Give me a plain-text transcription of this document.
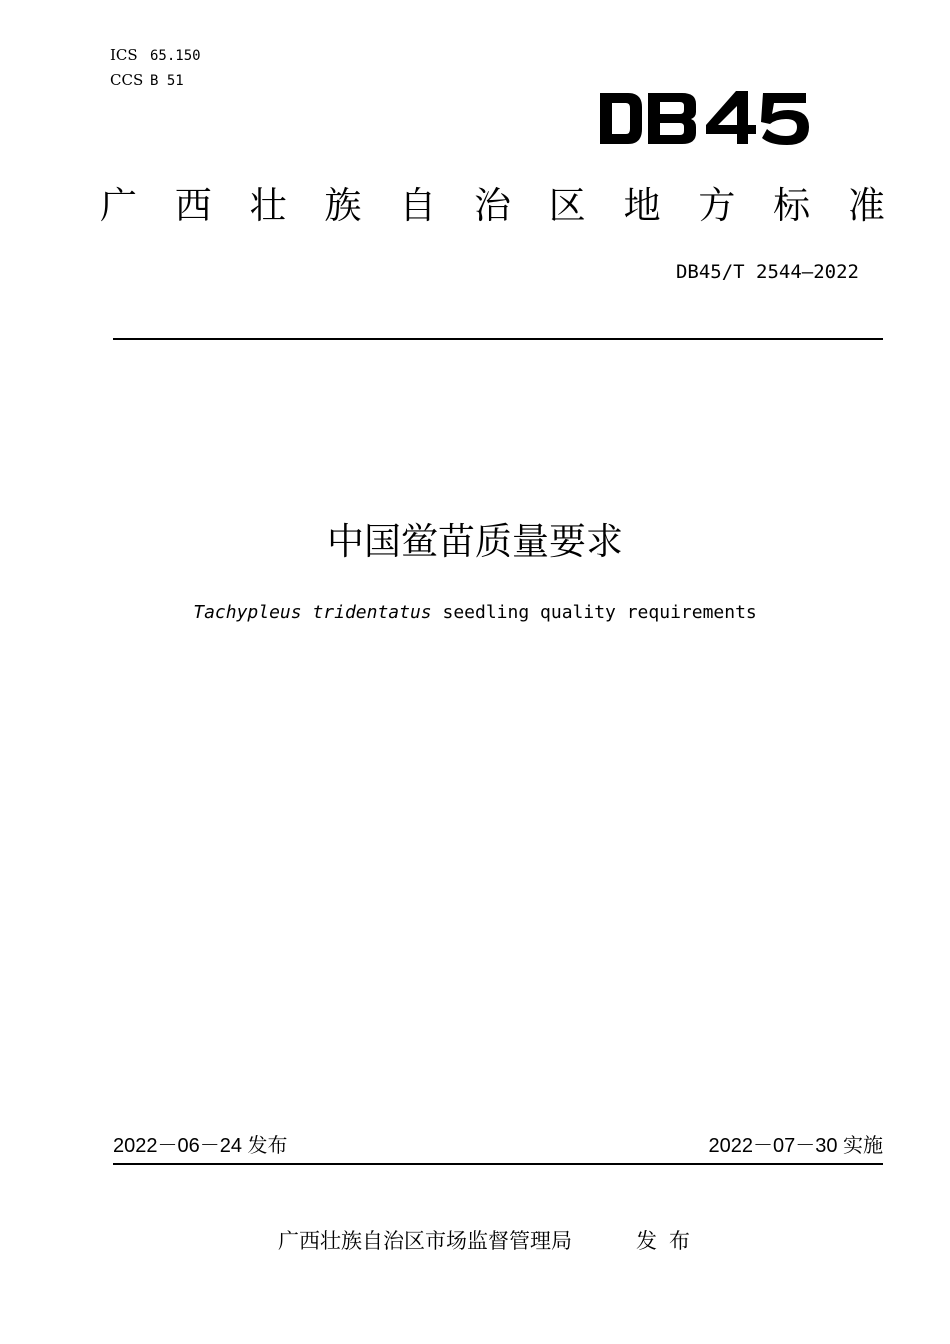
ICS 65.150
CCS B 51
广 西 壮 族 自 治 区 地 方 标 准
DB45/T 2544—2022
中国鲎苗质量要求
Tachypleus tridentatus seedling quality requirements
2022－06－24 发布	2022－07－30 实施
广西壮族自治区市场监督管理局	发布
